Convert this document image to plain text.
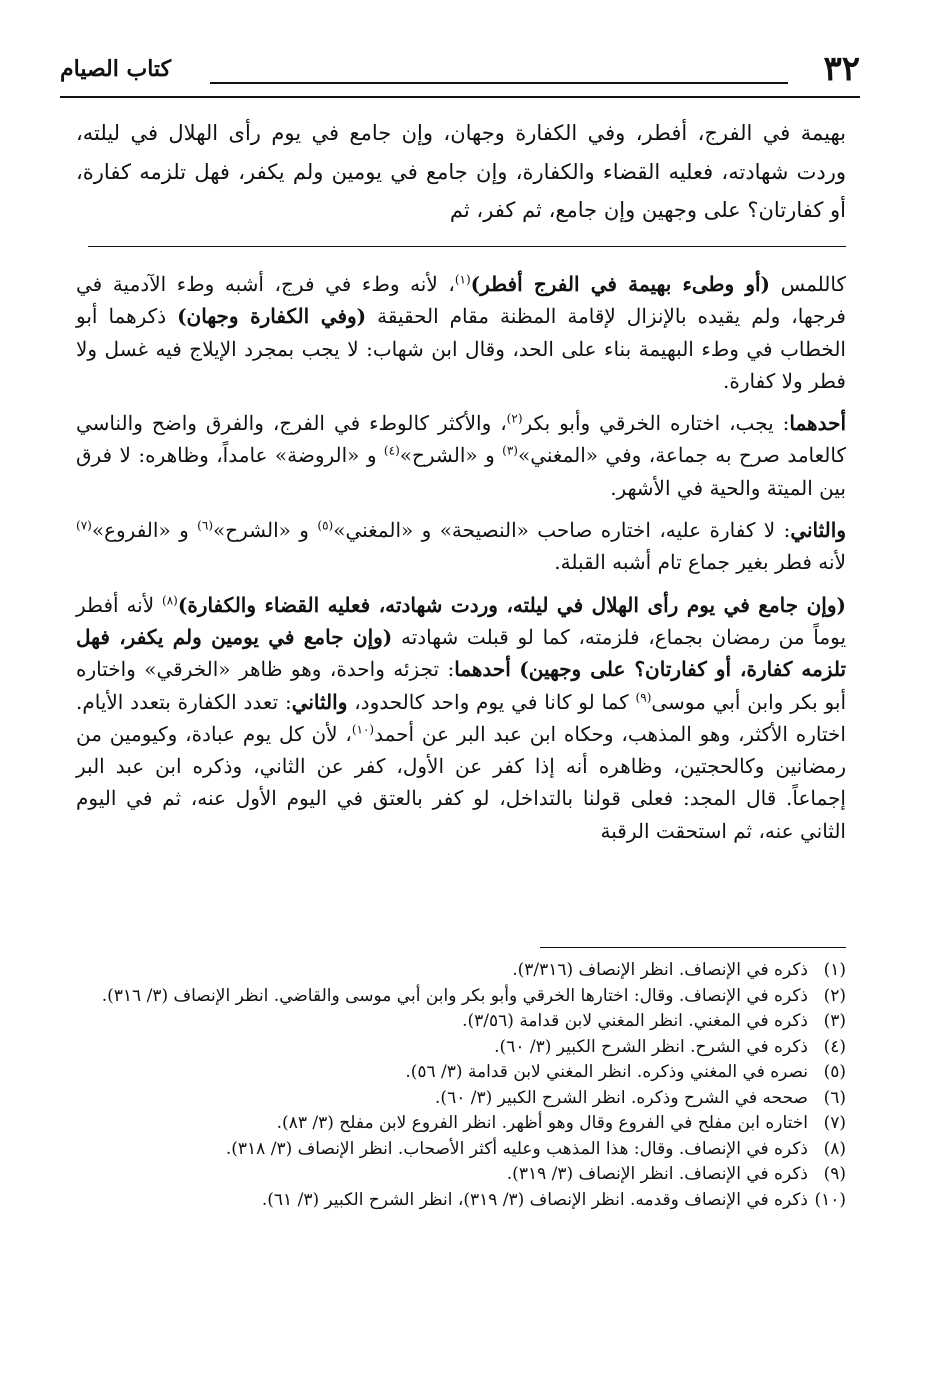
٣٢
كتاب الصيام

بهيمة في الفرج، أفطر، وفي الكفارة وجهان، وإن جامع في يوم رأى الهلال في ليلته، وردت شهادته، فعليه القضاء والكفارة، وإن جامع في يومين ولم يكفر، فهل تلزمه كفارة، أو كفارتان؟ على وجهين وإن جامع، ثم كفر، ثم

كاللمس (أو وطىء بهيمة في الفرج أفطر)$^{(١)}$، لأنه وطء في فرج، أشبه وطء الآدمية في فرجها، ولم يقيده بالإنزال لإقامة المظنة مقام الحقيقة (وفي الكفارة وجهان) ذكرهما أبو الخطاب في وطء البهيمة بناء على الحد، وقال ابن شهاب: لا يجب بمجرد الإيلاج فيه غسل ولا فطر ولا كفارة.

أحدهما: يجب، اختاره الخرقي وأبو بكر$^{(٢)}$، والأكثر كالوطء في الفرج، والفرق واضح والناسي كالعامد صرح به جماعة، وفي «المغني»$^{(٣)}$ و «الشرح»$^{(٤)}$ و «الروضة» عامداً، وظاهره: لا فرق بين الميتة والحية في الأشهر.

والثاني: لا كفارة عليه، اختاره صاحب «النصيحة» و «المغني»$^{(٥)}$ و «الشرح»$^{(٦)}$ و «الفروع»$^{(٧)}$ لأنه فطر بغير جماع تام أشبه القبلة.

(وإن جامع في يوم رأى الهلال في ليلته، وردت شهادته، فعليه القضاء والكفارة)$^{(٨)}$ لأنه أفطر يوماً من رمضان بجماع، فلزمته، كما لو قبلت شهادته (وإن جامع في يومين ولم يكفر، فهل تلزمه كفارة، أو كفارتان؟ على وجهين) أحدهما: تجزئه واحدة، وهو ظاهر «الخرقي» واختاره أبو بكر وابن أبي موسى$^{(٩)}$ كما لو كانا في يوم واحد كالحدود، والثاني: تعدد الكفارة بتعدد الأيام. اختاره الأكثر، وهو المذهب، وحكاه ابن عبد البر عن أحمد$^{(١٠)}$، لأن كل يوم عبادة، وكيومين من رمضانين وكالحجتين، وظاهره أنه إذا كفر عن الأول، كفر عن الثاني، وذكره ابن عبد البر إجماعاً. قال المجد: فعلى قولنا بالتداخل، لو كفر بالعتق في اليوم الأول عنه، ثم في اليوم الثاني عنه، ثم استحقت الرقبة

(١)
ذكره في الإنصاف. انظر الإنصاف (٣/٣١٦).
(٢)
ذكره في الإنصاف. وقال: اختارها الخرقي وأبو بكر وابن أبي موسى والقاضي. انظر الإنصاف (٣/ ٣١٦).
(٣)
ذكره في المغني. انظر المغني لابن قدامة (٣/٥٦).
(٤)
ذكره في الشرح. انظر الشرح الكبير (٣/ ٦٠).
(٥)
نصره في المغني وذكره. انظر المغني لابن قدامة (٣/ ٥٦).
(٦)
صححه في الشرح وذكره. انظر الشرح الكبير (٣/ ٦٠).
(٧)
اختاره ابن مفلح في الفروع وقال وهو أظهر. انظر الفروع لابن مفلح (٣/ ٨٣).
(٨)
ذكره في الإنصاف. وقال: هذا المذهب وعليه أكثر الأصحاب. انظر الإنصاف (٣/ ٣١٨).
(٩)
ذكره في الإنصاف. انظر الإنصاف (٣/ ٣١٩).
(١٠)
ذكره في الإنصاف وقدمه. انظر الإنصاف (٣/ ٣١٩)، انظر الشرح الكبير (٣/ ٦١).
